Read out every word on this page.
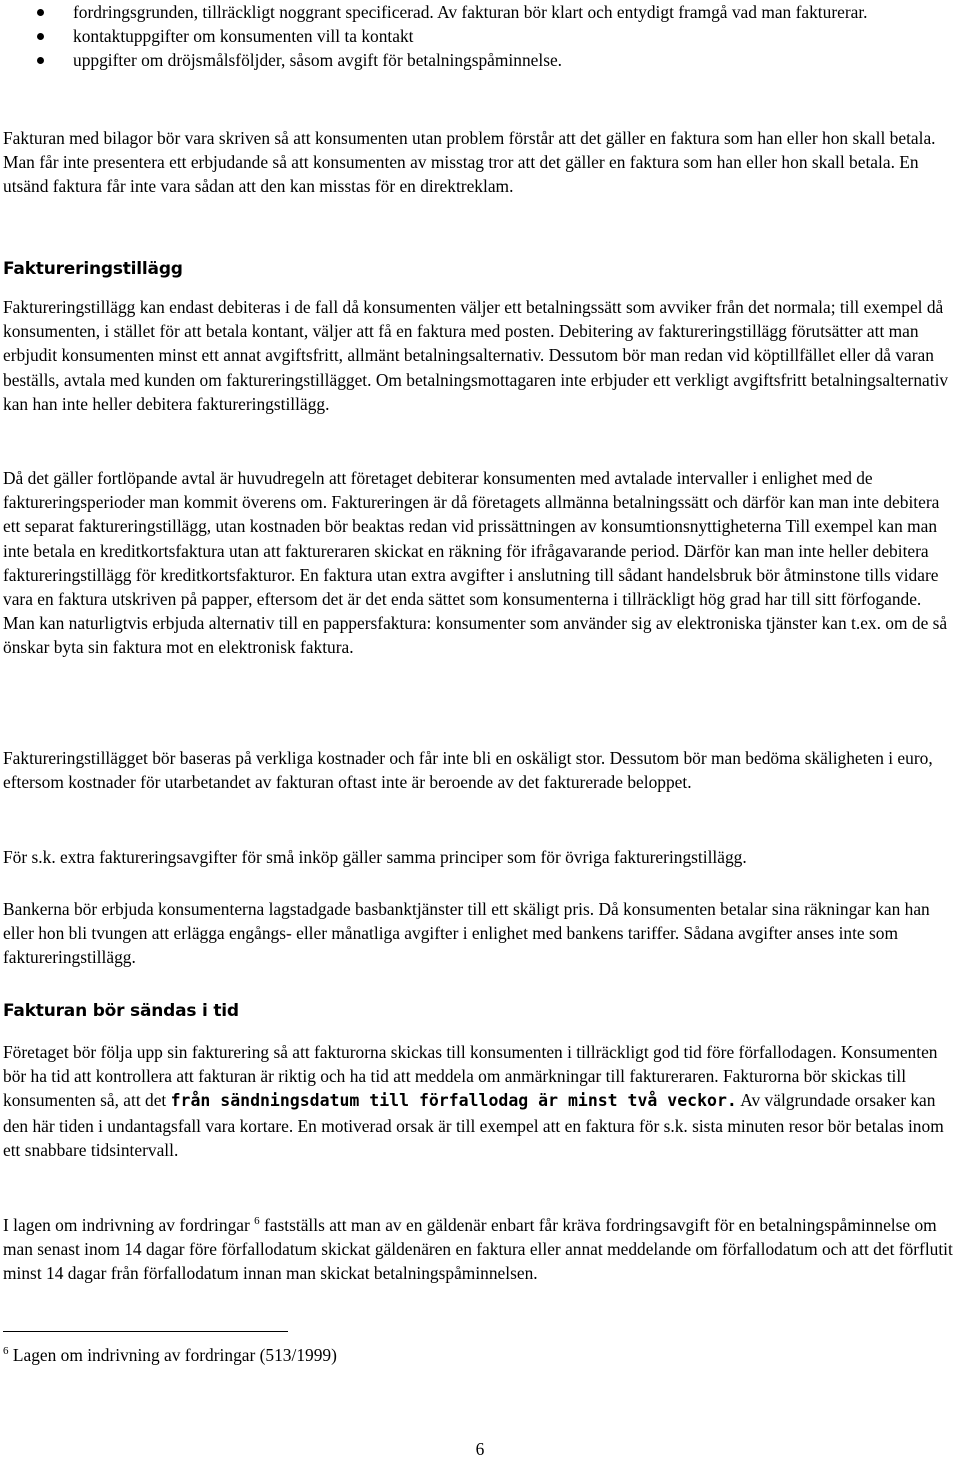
fordringsgrunden, tillräckligt noggrant specificerad. Av fakturan bör klart och entydigt framgå vad man fakturerar.
kontaktuppgifter om konsumenten vill ta kontakt
uppgifter om dröjsmålsföljder, såsom avgift för betalningspåminnelse.

Fakturan med bilagor bör vara skriven så att konsumenten utan problem förstår att det gäller en faktura som han eller hon skall betala. Man får inte presentera ett erbjudande så att konsumenten av misstag tror att det gäller en faktura som han eller hon skall betala. En utsänd faktura får inte vara sådan att den kan misstas för en direktreklam.

Faktureringstillägg

Faktureringstillägg kan endast debiteras i de fall då konsumenten väljer ett betalningssätt som avviker från det normala; till exempel då konsumenten, i stället för att betala kontant, väljer att få en faktura med posten. Debitering av faktureringstillägg förutsätter att man erbjudit konsumenten minst ett annat avgiftsfritt, allmänt betalningsalternativ. Dessutom bör man redan vid köptillfället eller då varan beställs, avtala med kunden om faktureringstillägget. Om betalningsmottagaren inte erbjuder ett verkligt avgiftsfritt betalningsalternativ kan han inte heller debitera faktureringstillägg.

Då det gäller fortlöpande avtal är huvudregeln att företaget debiterar konsumenten med avtalade intervaller i enlighet med de faktureringsperioder man kommit överens om. Faktureringen är då företagets allmänna betalningssätt och därför kan man inte debitera ett separat faktureringstillägg, utan kostnaden bör beaktas redan vid prissättningen av konsumtionsnyttigheterna Till exempel kan man inte betala en kreditkortsfaktura utan att faktureraren skickat en räkning för ifrågavarande period. Därför kan man inte heller debitera faktureringstillägg för kreditkortsfakturor. En faktura utan extra avgifter i anslutning till sådant handelsbruk bör åtminstone tills vidare vara en faktura utskriven på papper, eftersom det är det enda sättet som konsumenterna i tillräckligt hög grad har till sitt förfogande. Man kan naturligtvis erbjuda alternativ till en pappersfaktura: konsumenter som använder sig av elektroniska tjänster kan t.ex. om de så önskar byta sin faktura mot en elektronisk faktura.

Faktureringstillägget bör baseras på verkliga kostnader och får inte bli en oskäligt stor. Dessutom bör man bedöma skäligheten i euro, eftersom kostnader för utarbetandet av fakturan oftast inte är beroende av det fakturerade beloppet.

För s.k. extra faktureringsavgifter för små inköp gäller samma principer som för övriga faktureringstillägg.

Bankerna bör erbjuda konsumenterna lagstadgade basbanktjänster till ett skäligt pris. Då konsumenten betalar sina räkningar kan han eller hon bli tvungen att erlägga engångs- eller månatliga avgifter i enlighet med bankens tariffer. Sådana avgifter anses inte som faktureringstillägg.

Fakturan bör sändas i tid

Företaget bör följa upp sin fakturering så att fakturorna skickas till konsumenten i tillräckligt god tid före förfallodagen. Konsumenten bör ha tid att kontrollera att fakturan är riktig och ha tid att meddela om anmärkningar till faktureraren. Fakturorna bör skickas till konsumenten så, att det från sändningsdatum till förfallodag är minst två veckor. Av välgrundade orsaker kan den här tiden i undantagsfall vara kortare. En motiverad orsak är till exempel att en faktura för s.k. sista minuten resor bör betalas inom ett snabbare tidsintervall.

I lagen om indrivning av fordringar $^6$ fastställs att man av en gäldenär enbart får kräva fordringsavgift för en betalningspåminnelse om man senast inom 14 dagar före förfallodatum skickat gäldenären en faktura eller annat meddelande om förfallodatum och att det förflutit minst 14 dagar från förfallodatum innan man skickat betalningspåminnelsen.

$^6$ Lagen om indrivning av fordringar (513/1999)

6
